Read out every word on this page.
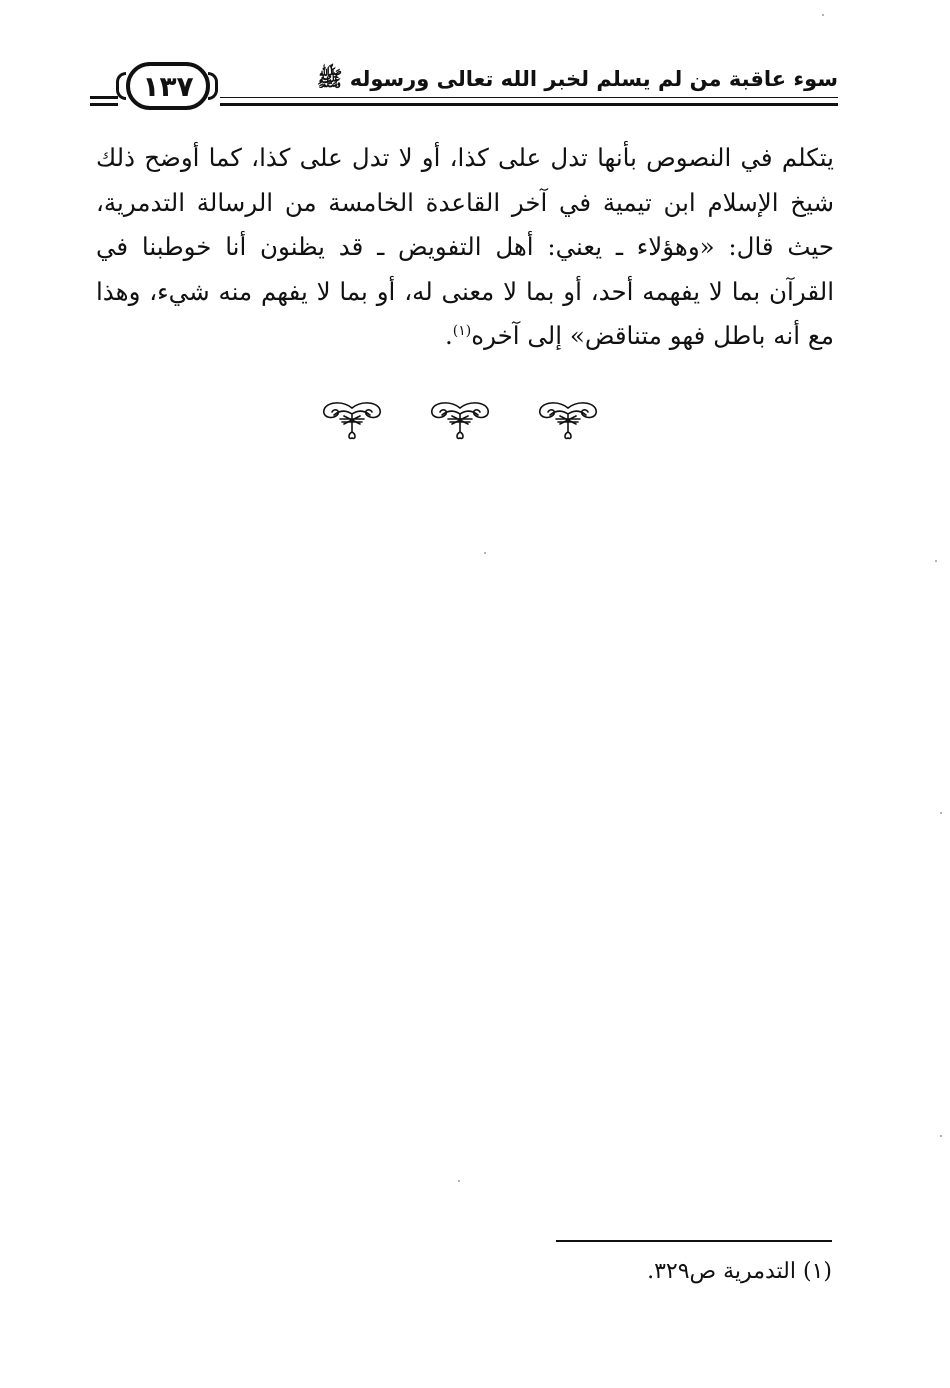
١٣٧	سوء عاقبة من لم يسلم لخبر الله تعالى ورسوله ﷺ

يتكلم في النصوص بأنها تدل على كذا، أو لا تدل على كذا، كما أوضح ذلك شيخ الإسلام ابن تيمية في آخر القاعدة الخامسة من الرسالة التدمرية، حيث قال: «وهؤلاء ـ يعني: أهل التفويض ـ قد يظنون أنا خوطبنا في القرآن بما لا يفهمه أحد، أو بما لا معنى له، أو بما لا يفهم منه شيء، وهذا مع أنه باطل فهو متناقض» إلى آخره$^{(١)}$.

(١) التدمرية ص٣٢٩.
